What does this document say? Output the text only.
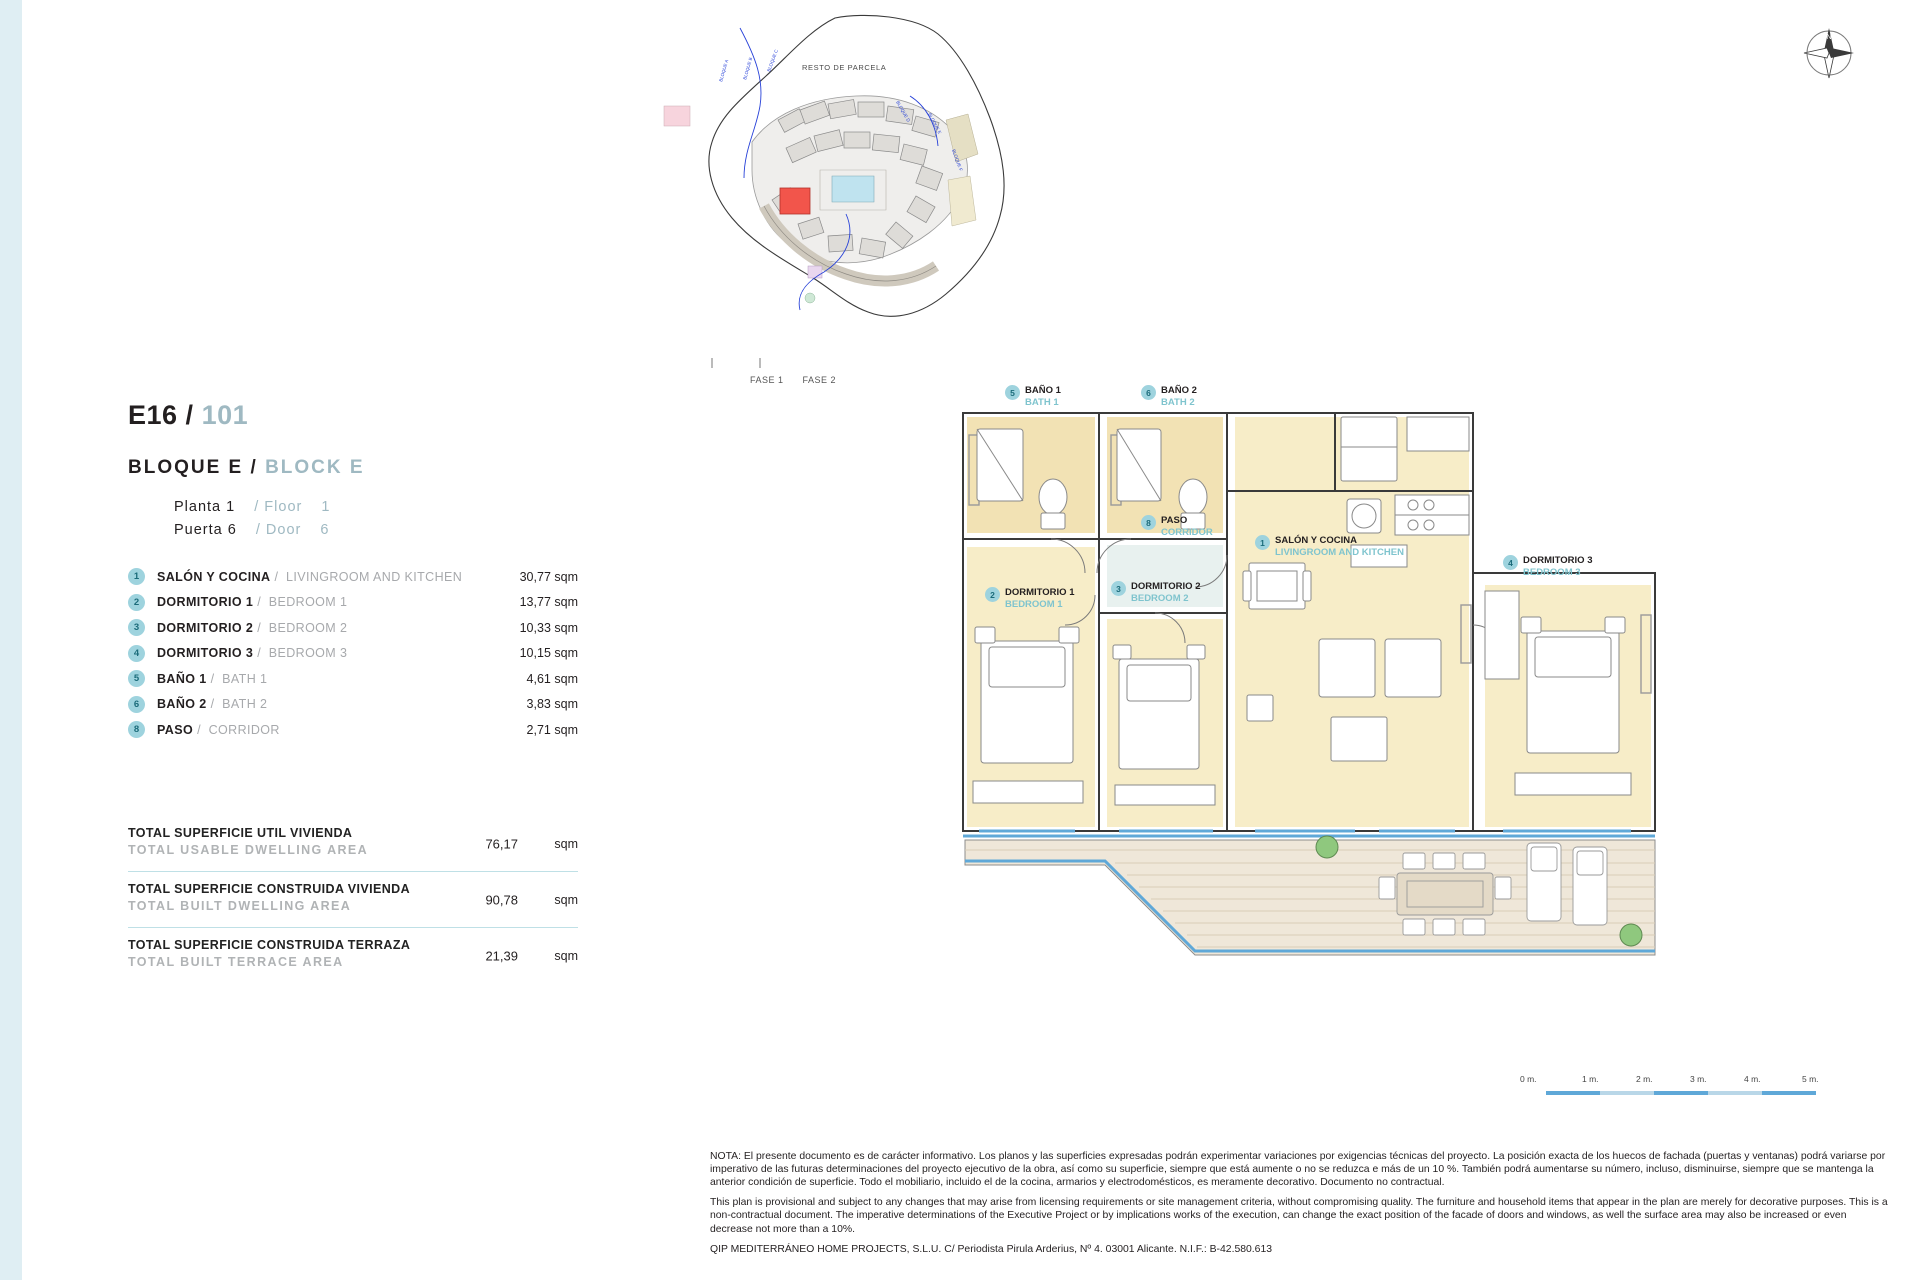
BLOQUE A	BLOQUE B	BLOQUE C
BLOQUE D
BLOQUE E
BLOQUE F
RESTO DE PARCELA
FASE 1 FASE 2
N
E16 / 101
BLOQUE E / BLOCK E
Planta 1 / Floor 1
Puerta 6 / Door 6
1	SALÓN Y COCINA / LIVINGROOM AND KITCHEN	30,77 sqm
2	DORMITORIO 1 / BEDROOM 1	13,77 sqm
3	DORMITORIO 2 / BEDROOM 2	10,33 sqm
4	DORMITORIO 3 / BEDROOM 3	10,15 sqm
5	BAÑO 1 / BATH 1	4,61 sqm
6	BAÑO 2 / BATH 2	3,83 sqm
8	PASO / CORRIDOR	2,71 sqm
TOTAL SUPERFICIE UTIL VIVIENDA
TOTAL USABLE DWELLING AREA	76,17	sqm
TOTAL SUPERFICIE CONSTRUIDA VIVIENDA
TOTAL BUILT DWELLING AREA	90,78	sqm
TOTAL SUPERFICIE CONSTRUIDA TERRAZA
TOTAL BUILT TERRACE AREA	21,39	sqm
5	BAÑO 1
BATH 1
6	BAÑO 2
BATH 2
8	PASO
CORRIDOR
1	SALÓN Y COCINA
LIVINGROOM AND KITCHEN
2	DORMITORIO 1
BEDROOM 1
3	DORMITORIO 2
BEDROOM 2
4	DORMITORIO 3
BEDROOM 3
0 m.	1 m.	2 m.	3 m.	4 m.	5 m.

NOTA: El presente documento es de carácter informativo. Los planos y las superficies expresadas podrán experimentar variaciones por exigencias técnicas del proyecto. La posición exacta de los huecos de fachada (puertas y ventanas) podrá variarse por imperativo de las futuras determinaciones del proyecto ejecutivo de la obra, así como su superficie, siempre que está aumente o no se reduzca e más de un 10 %. También podrá aumentarse su número, incluso, disminuirse, siempre que se mantenga la anterior condición de superficie. Todo el mobiliario, incluido el de la cocina, armarios y electrodomésticos, es meramente decorativo. Documento no contractual.

This plan is provisional and subject to any changes that may arise from licensing requirements or site management criteria, without compromising quality. The furniture and household items that appear in the plan are merely for decorative purposes. This is a non-contractual document. The imperative determinations of the Executive Project or by implications works of the execution, can change the exact position of the facade of doors and windows, as well the surface area may also be increased or even decrease not more than a 10%.

QIP MEDITERRÁNEO HOME PROJECTS, S.L.U. C/ Periodista Pirula Arderius, Nº 4. 03001 Alicante. N.I.F.: B-42.580.613
